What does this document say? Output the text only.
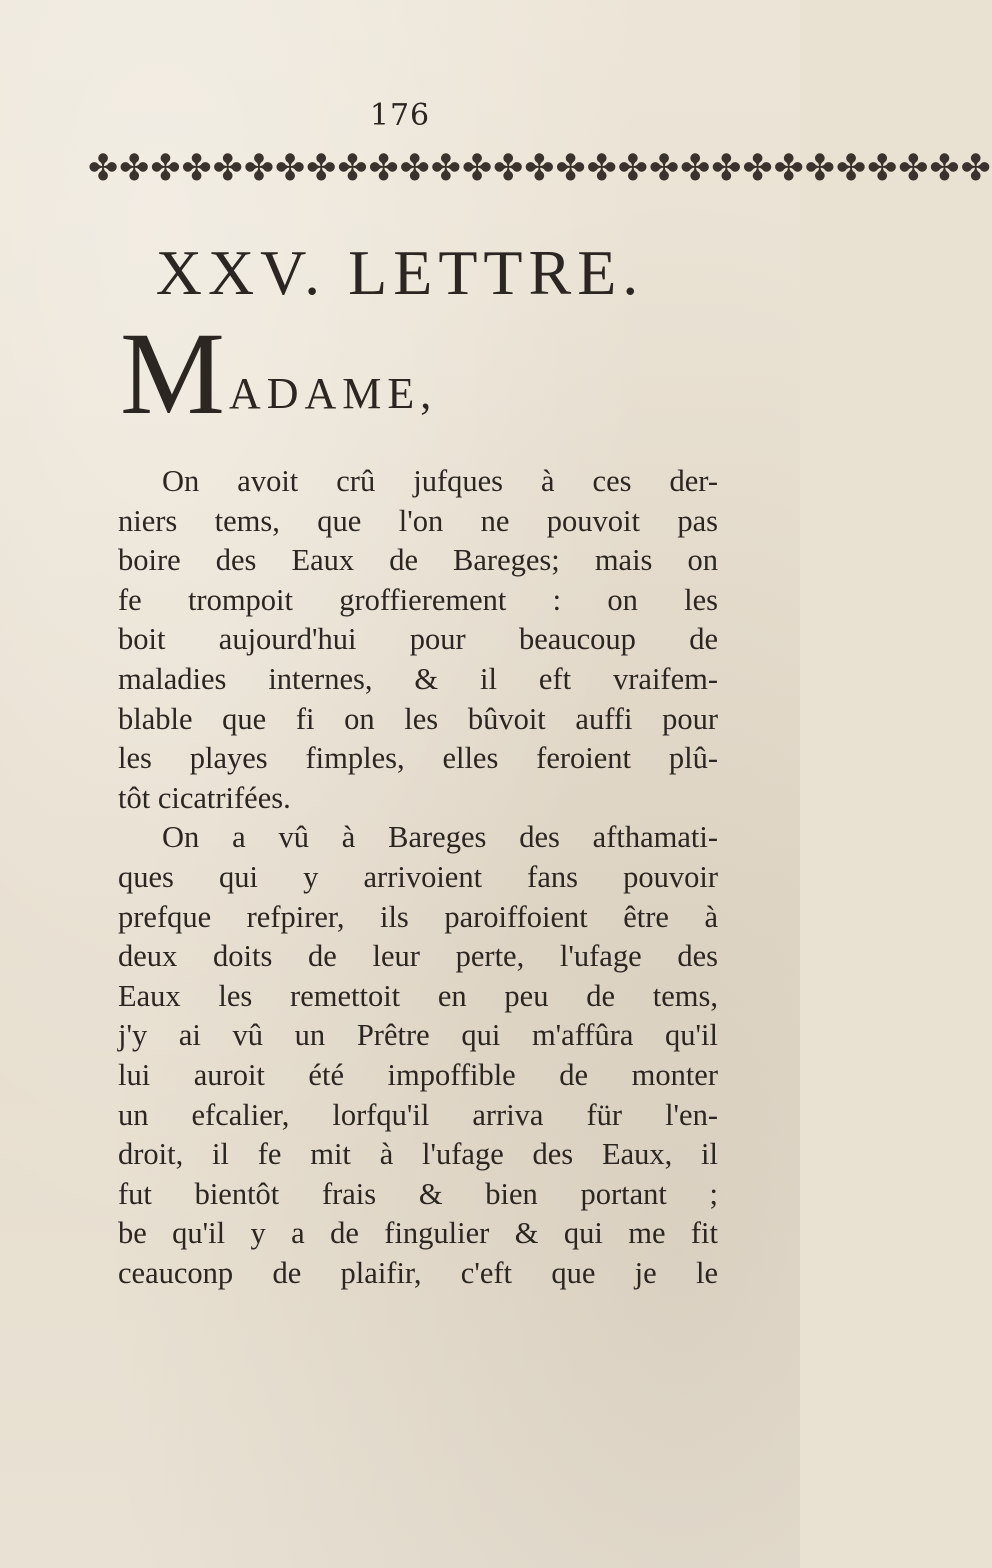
176
✤✤✤✤✤✤✤✤✤✤✤✤✤✤✤✤✤✤✤✤✤✤✤✤✤✤✤✤✤
XXV. LETTRE.
MADAME,
On avoit crû jufques à ces der-
niers tems, que l'on ne pouvoit pas
boire des Eaux de Bareges; mais on
fe trompoit groffierement : on les
boit aujourd'hui pour beaucoup de
maladies internes, & il eft vraifem-
blable que fi on les bûvoit auffi pour
les playes fimples, elles feroient plû-
tôt cicatrifées.
On a vû à Bareges des afthamati-
ques qui y arrivoient fans pouvoir
prefque refpirer, ils paroiffoient être à
deux doits de leur perte, l'ufage des
Eaux les remettoit en peu de tems,
j'y ai vû un Prêtre qui m'affûra qu'il
lui auroit été impoffible de monter
un efcalier, lorfqu'il arriva für l'en-
droit, il fe mit à l'ufage des Eaux, il
fut bientôt frais & bien portant ;
be qu'il y a de fingulier & qui me fit
ceauconp de plaifir, c'eft que je le
